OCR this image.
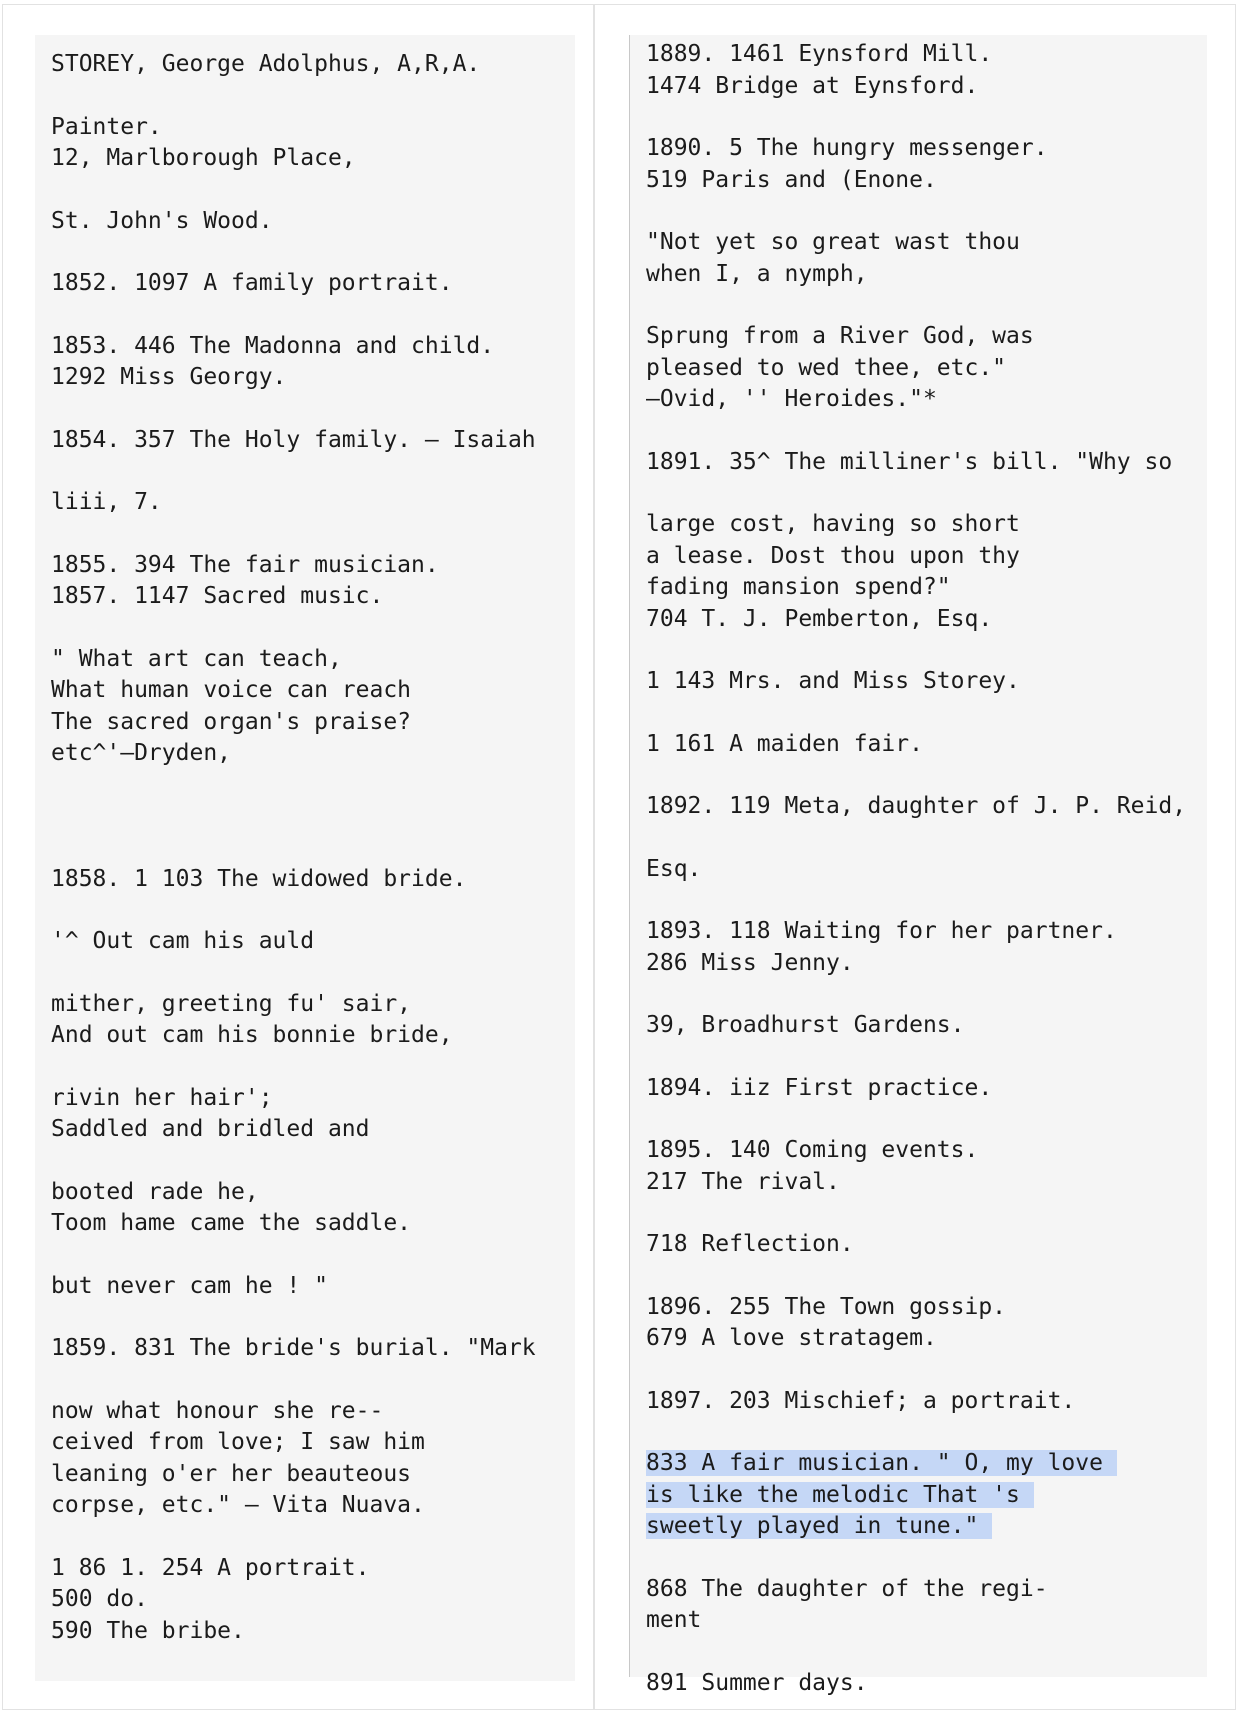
STOREY, George Adolphus, A,R,A.
Painter.
12, Marlborough Place,
St. John's Wood.
1852. 1097 A family portrait.
1853. 446 The Madonna and child.
1292 Miss Georgy.
1854. 357 The Holy family. — Isaiah
liii, 7.
1855. 394 The fair musician.
1857. 1147 Sacred music.
" What art can teach,
What human voice can reach
The sacred organ's praise?
etc^'—Dryden,
1858. 1 103 The widowed bride.
'^ Out cam his auld
mither, greeting fu' sair,
And out cam his bonnie bride,
rivin her hair';
Saddled and bridled and
booted rade he,
Toom hame came the saddle.
but never cam he ! "
1859. 831 The bride's burial. "Mark
now what honour she re--
ceived from love; I saw him
leaning o'er her beauteous
corpse, etc." — Vita Nuava.
1 86 1. 254 A portrait.
500 do.
590 The bribe.
1889. 1461 Eynsford Mill.
1474 Bridge at Eynsford.
1890. 5 The hungry messenger.
519 Paris and (Enone.
"Not yet so great wast thou
when I, a nymph,
Sprung from a River God, was
pleased to wed thee, etc."
—Ovid, '' Heroides."*
1891. 35^ The milliner's bill. "Why so
large cost, having so short
a lease. Dost thou upon thy
fading mansion spend?"
704 T. J. Pemberton, Esq.
1 143 Mrs. and Miss Storey.
1 161 A maiden fair.
1892. 119 Meta, daughter of J. P. Reid,
Esq.
1893. 118 Waiting for her partner.
286 Miss Jenny.
39, Broadhurst Gardens.
1894. iiz First practice.
1895. 140 Coming events.
217 The rival.
718 Reflection.
1896. 255 The Town gossip.
679 A love stratagem.
1897. 203 Mischief; a portrait.
833 A fair musician. " O, my love
is like the melodic That 's
sweetly played in tune."
868 The daughter of the regi-
ment
891 Summer days.
